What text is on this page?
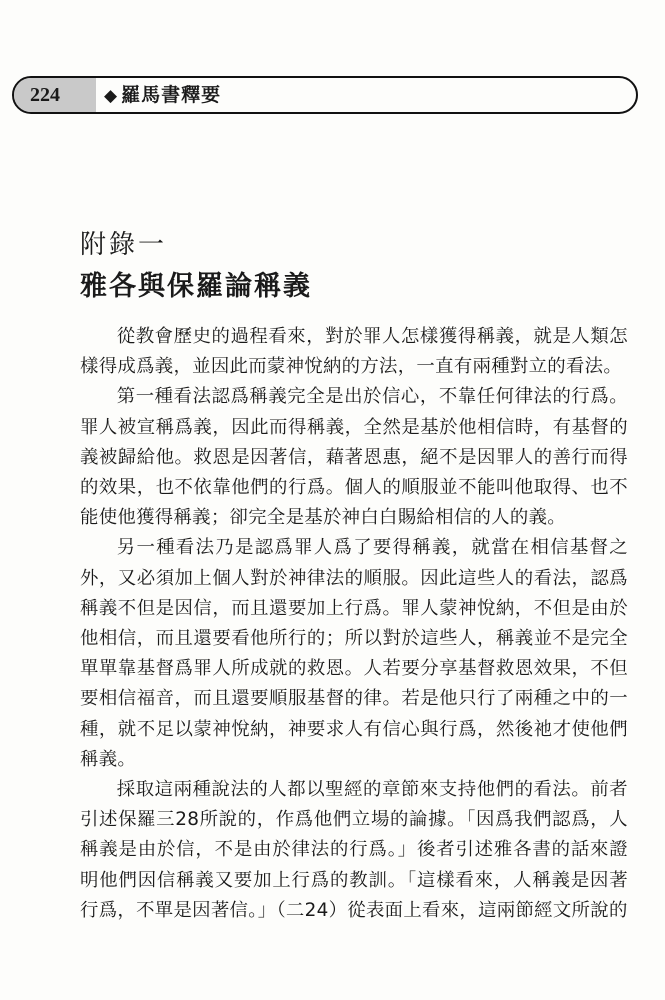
224	◆ 羅馬書釋要
附錄一
雅各與保羅論稱義

從教會歷史的過程看來，對於罪人怎樣獲得稱義，就是人類怎樣得成爲義，並因此而蒙神悅納的方法，一直有兩種對立的看法。

第一種看法認爲稱義完全是出於信心，不靠任何律法的行爲。罪人被宣稱爲義，因此而得稱義，全然是基於他相信時，有基督的義被歸給他。救恩是因著信，藉著恩惠，絕不是因罪人的善行而得的效果，也不依靠他們的行爲。個人的順服並不能叫他取得、也不能使他獲得稱義；卻完全是基於神白白賜給相信的人的義。

另一種看法乃是認爲罪人爲了要得稱義，就當在相信基督之外，又必須加上個人對於神律法的順服。因此這些人的看法，認爲稱義不但是因信，而且還要加上行爲。罪人蒙神悅納，不但是由於他相信，而且還要看他所行的；所以對於這些人，稱義並不是完全單單靠基督爲罪人所成就的救恩。人若要分享基督救恩效果，不但要相信福音，而且還要順服基督的律。若是他只行了兩種之中的一種，就不足以蒙神悅納，神要求人有信心與行爲，然後祂才使他們稱義。

採取這兩種說法的人都以聖經的章節來支持他們的看法。前者引述保羅三28所說的，作爲他們立場的論據。「因爲我們認爲，人稱義是由於信，不是由於律法的行爲。」後者引述雅各書的話來證明他們因信稱義又要加上行爲的教訓。「這樣看來，人稱義是因著行爲，不單是因著信。」（二24）從表面上看來，這兩節經文所說的
